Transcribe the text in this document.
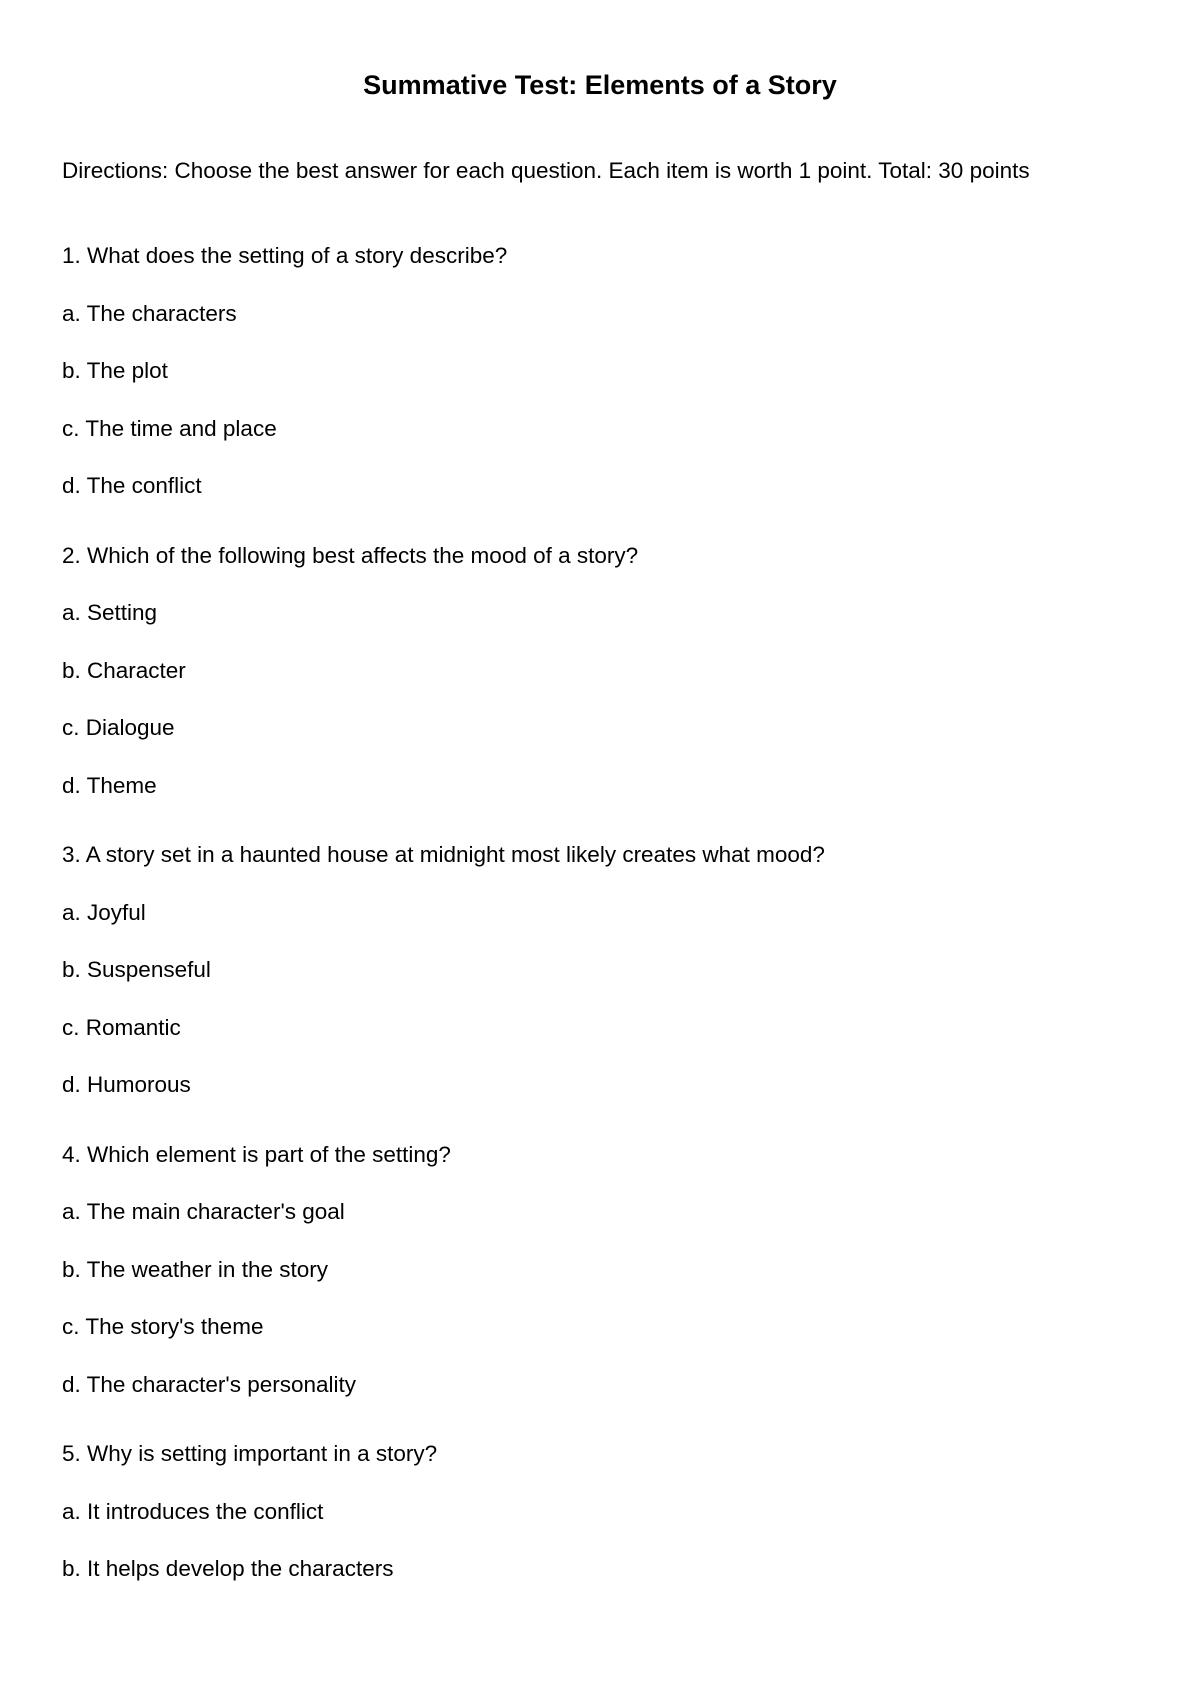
Summative Test: Elements of a Story

Directions: Choose the best answer for each question. Each item is worth 1 point. Total: 30 points

1. What does the setting of a story describe?
a. The characters
b. The plot
c. The time and place
d. The conflict
2. Which of the following best affects the mood of a story?
a. Setting
b. Character
c. Dialogue
d. Theme
3. A story set in a haunted house at midnight most likely creates what mood?
a. Joyful
b. Suspenseful
c. Romantic
d. Humorous
4. Which element is part of the setting?
a. The main character's goal
b. The weather in the story
c. The story's theme
d. The character's personality
5. Why is setting important in a story?
a. It introduces the conflict
b. It helps develop the characters
